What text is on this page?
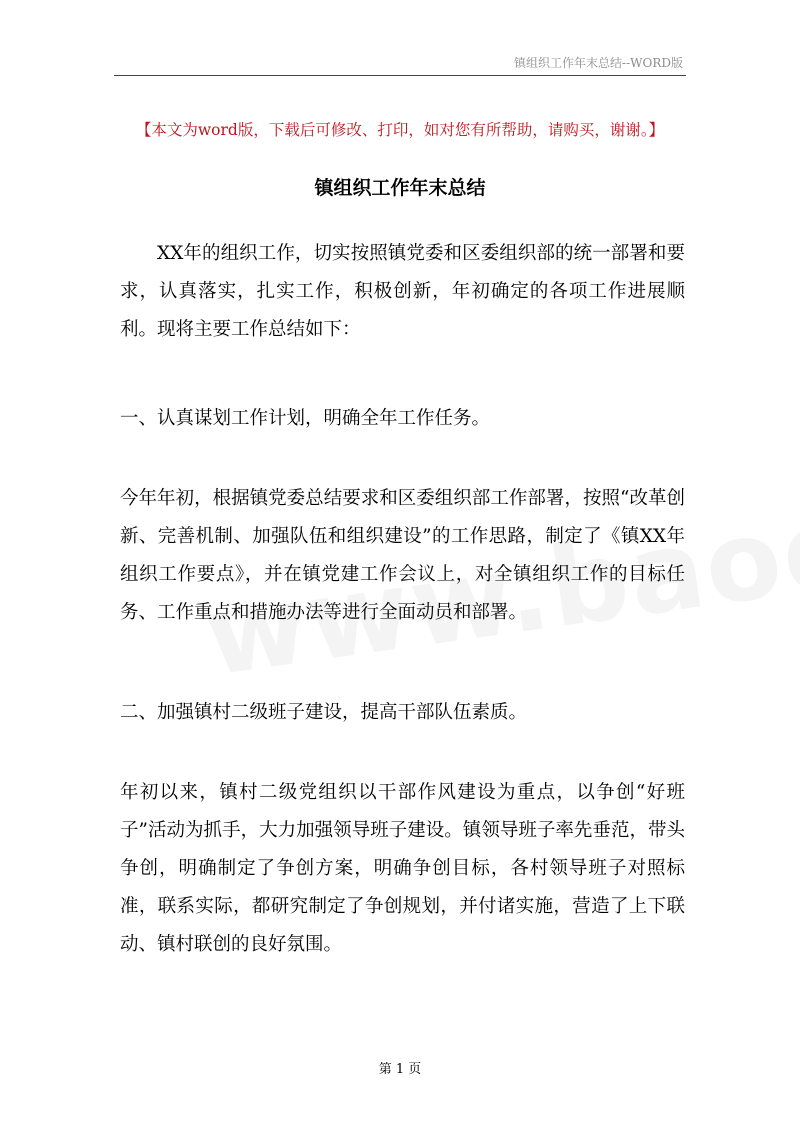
镇组织工作年末总结--WORD版
【本文为word版，下载后可修改、打印，如对您有所帮助，请购买，谢谢。】
镇组织工作年末总结

XX年的组织工作，切实按照镇党委和区委组织部的统一部署和要求，认真落实，扎实工作，积极创新，年初确定的各项工作进展顺利。现将主要工作总结如下：

一、认真谋划工作计划，明确全年工作任务。

今年年初，根据镇党委总结要求和区委组织部工作部署，按照“改革创新、完善机制、加强队伍和组织建设”的工作思路，制定了《镇XX年组织工作要点》，并在镇党建工作会议上，对全镇组织工作的目标任务、工作重点和措施办法等进行全面动员和部署。

二、加强镇村二级班子建设，提高干部队伍素质。

年初以来，镇村二级党组织以干部作风建设为重点，以争创“好班子”活动为抓手，大力加强领导班子建设。镇领导班子率先垂范，带头争创，明确制定了争创方案，明确争创目标，各村领导班子对照标准，联系实际，都研究制定了争创规划，并付诸实施，营造了上下联动、镇村联创的良好氛围。

第 1 页
